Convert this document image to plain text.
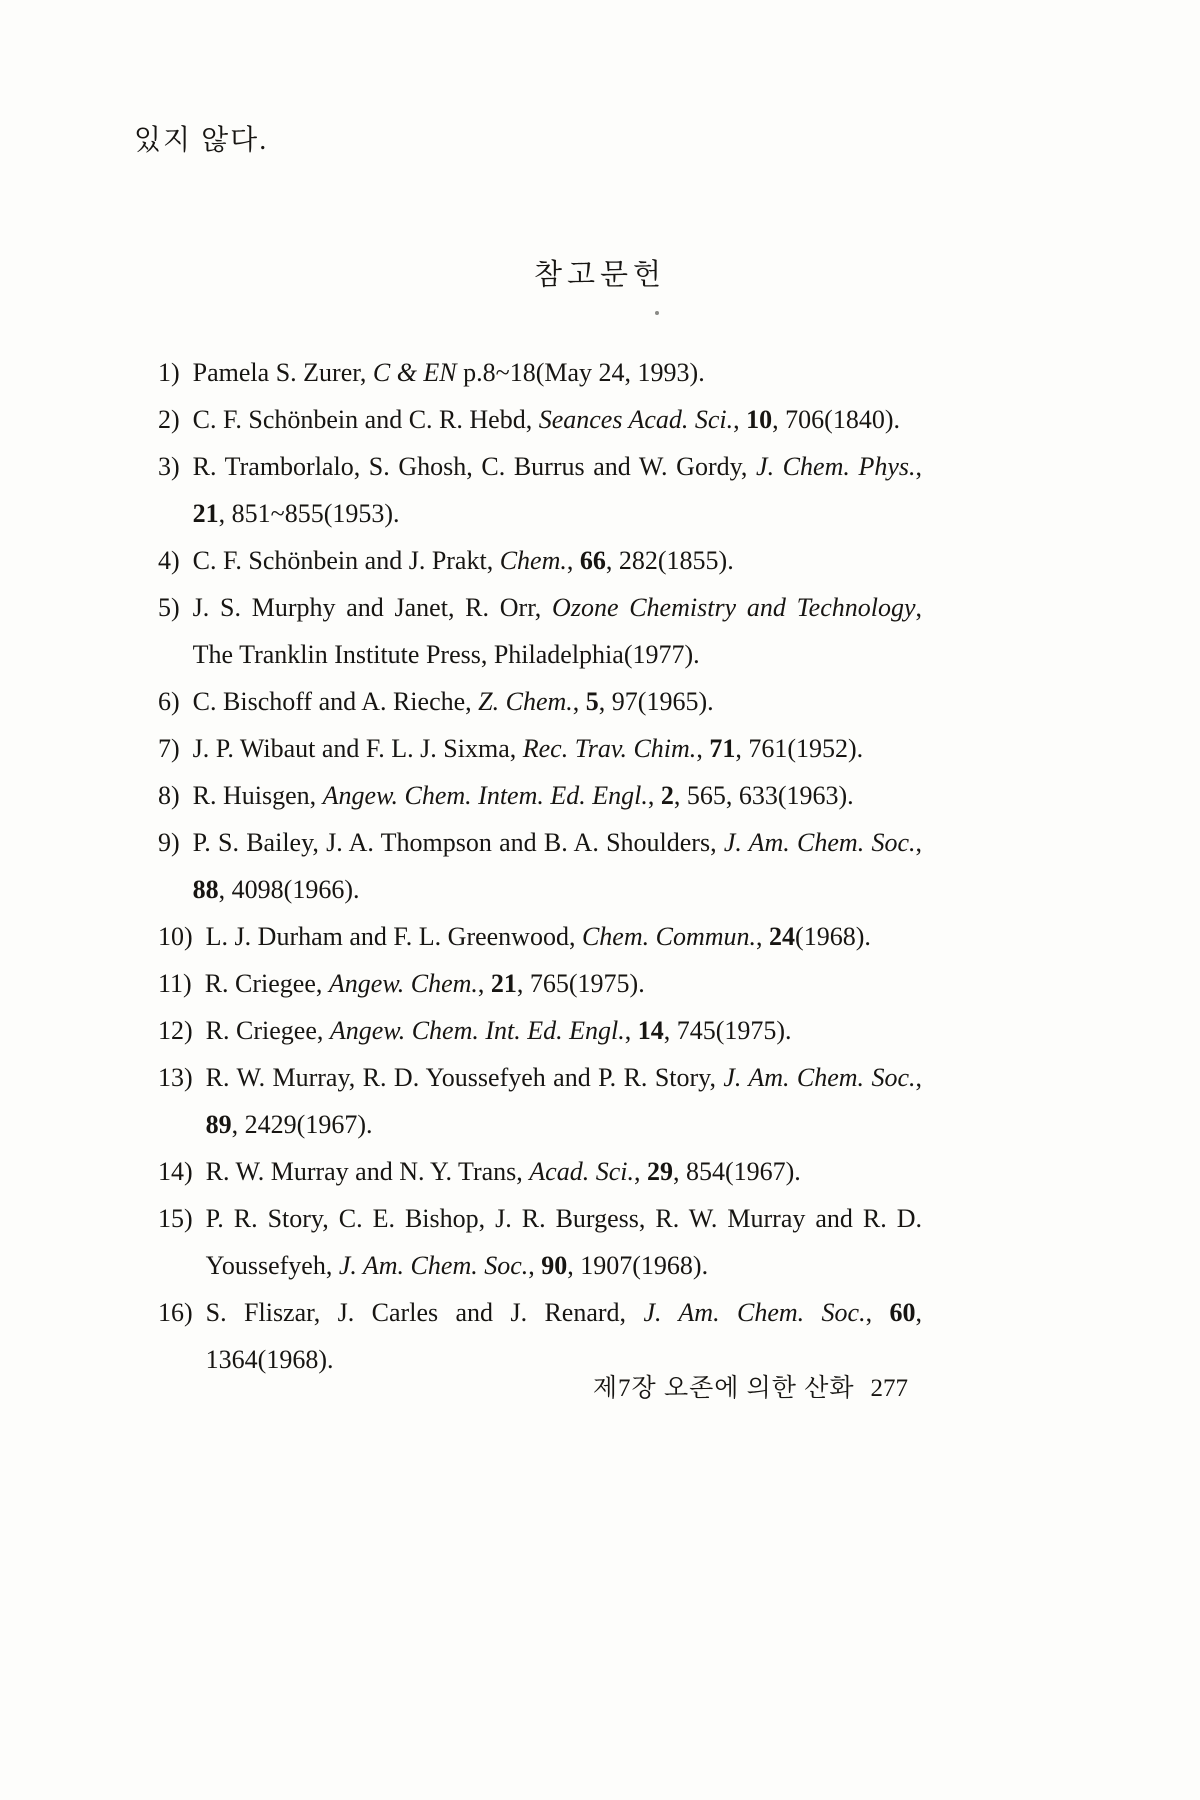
있지 않다.

참고문헌
1) Pamela S. Zurer, C & EN p.8~18(May 24, 1993).
2) C. F. Schönbein and C. R. Hebd, Seances Acad. Sci., 10, 706(1840).
3) R. Tramborlalo, S. Ghosh, C. Burrus and W. Gordy, J. Chem. Phys., 21, 851~855(1953).
4) C. F. Schönbein and J. Prakt, Chem., 66, 282(1855).
5) J. S. Murphy and Janet, R. Orr, Ozone Chemistry and Technology, The Tranklin Institute Press, Philadelphia(1977).
6) C. Bischoff and A. Rieche, Z. Chem., 5, 97(1965).
7) J. P. Wibaut and F. L. J. Sixma, Rec. Trav. Chim., 71, 761(1952).
8) R. Huisgen, Angew. Chem. Intem. Ed. Engl., 2, 565, 633(1963).
9) P. S. Bailey, J. A. Thompson and B. A. Shoulders, J. Am. Chem. Soc., 88, 4098(1966).
10) L. J. Durham and F. L. Greenwood, Chem. Commun., 24(1968).
11) R. Criegee, Angew. Chem., 21, 765(1975).
12) R. Criegee, Angew. Chem. Int. Ed. Engl., 14, 745(1975).
13) R. W. Murray, R. D. Youssefyeh and P. R. Story, J. Am. Chem. Soc., 89, 2429(1967).
14) R. W. Murray and N. Y. Trans, Acad. Sci., 29, 854(1967).
15) P. R. Story, C. E. Bishop, J. R. Burgess, R. W. Murray and R. D. Youssefyeh, J. Am. Chem. Soc., 90, 1907(1968).
16) S. Fliszar, J. Carles and J. Renard, J. Am. Chem. Soc., 60, 1364(1968).
제7장 오존에 의한 산화 277
